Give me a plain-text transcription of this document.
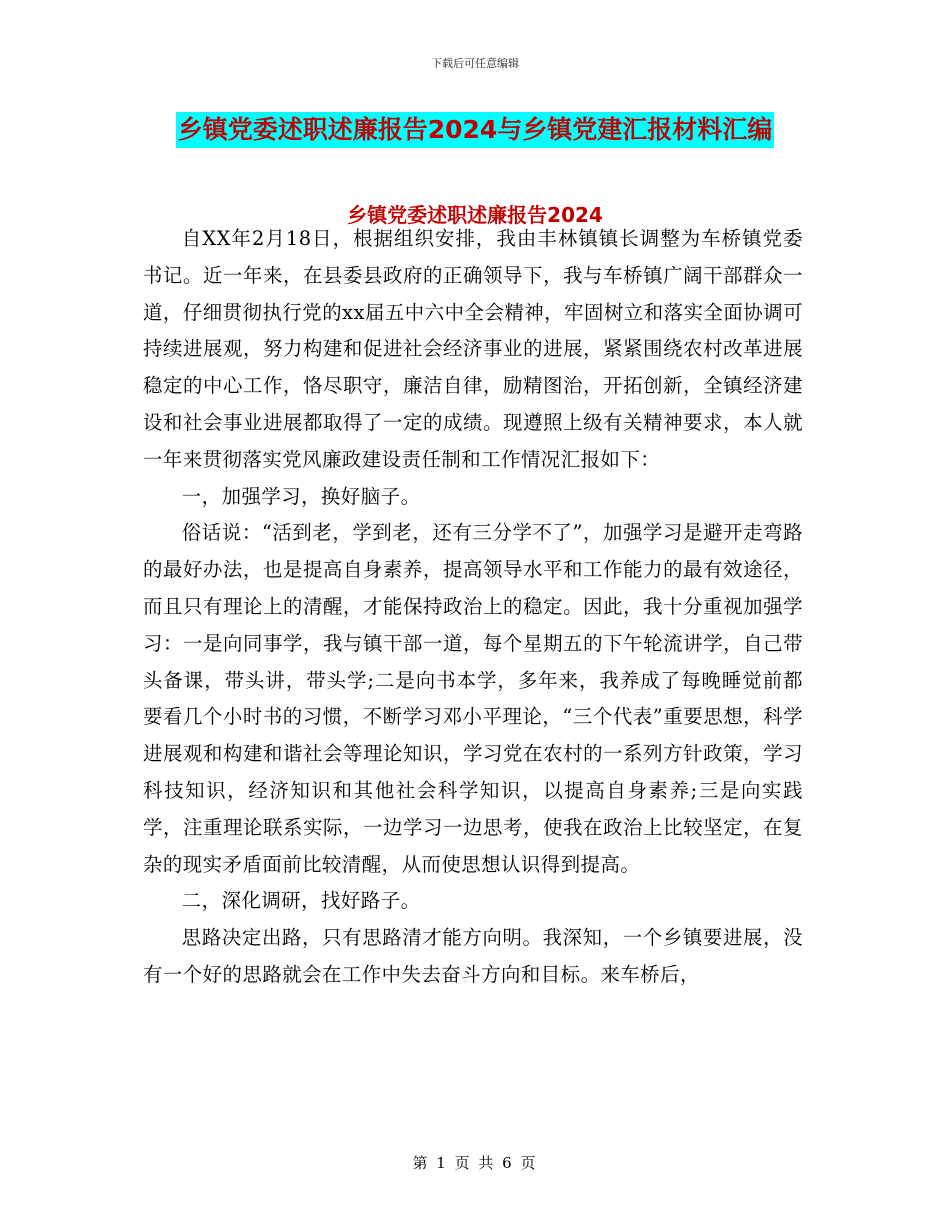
下载后可任意编辑
乡镇党委述职述廉报告2024与乡镇党建汇报材料汇编
乡镇党委述职述廉报告2024

自XX年2月18日，根据组织安排，我由丰林镇镇长调整为车桥镇党委书记。近一年来，在县委县政府的正确领导下，我与车桥镇广阔干部群众一道，仔细贯彻执行党的xx届五中六中全会精神，牢固树立和落实全面协调可持续进展观，努力构建和促进社会经济事业的进展，紧紧围绕农村改革进展稳定的中心工作，恪尽职守，廉洁自律，励精图治，开拓创新，全镇经济建设和社会事业进展都取得了一定的成绩。现遵照上级有关精神要求，本人就一年来贯彻落实党风廉政建设责任制和工作情况汇报如下：

一，加强学习，换好脑子。

俗话说：“活到老，学到老，还有三分学不了”，加强学习是避开走弯路的最好办法，也是提高自身素养，提高领导水平和工作能力的最有效途径，而且只有理论上的清醒，才能保持政治上的稳定。因此，我十分重视加强学习：一是向同事学，我与镇干部一道，每个星期五的下午轮流讲学，自己带头备课，带头讲，带头学;二是向书本学，多年来，我养成了每晚睡觉前都要看几个小时书的习惯，不断学习邓小平理论，“三个代表”重要思想，科学进展观和构建和谐社会等理论知识，学习党在农村的一系列方针政策，学习科技知识，经济知识和其他社会科学知识，以提高自身素养;三是向实践学，注重理论联系实际，一边学习一边思考，使我在政治上比较坚定，在复杂的现实矛盾面前比较清醒，从而使思想认识得到提高。

二，深化调研，找好路子。

思路决定出路，只有思路清才能方向明。我深知，一个乡镇要进展，没有一个好的思路就会在工作中失去奋斗方向和目标。来车桥后，

第 1 页 共 6 页
